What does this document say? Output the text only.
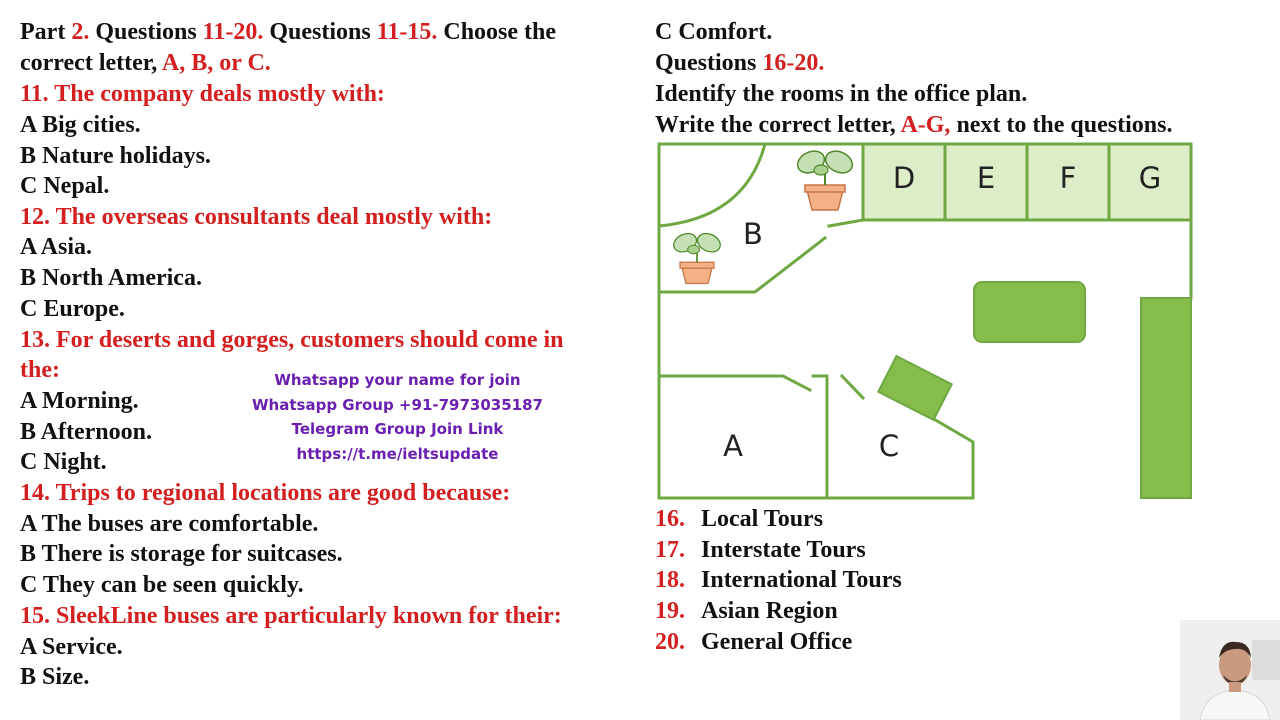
Part 2. Questions 11-20. Questions 11-15. Choose the
correct letter, A, B, or C.
11. The company deals mostly with:
A Big cities.
B Nature holidays.
C Nepal.
12. The overseas consultants deal mostly with:
A Asia.
B North America.
C Europe.
13. For deserts and gorges, customers should come in
the:
A Morning.
B Afternoon.
C Night.
14. Trips to regional locations are good because:
A The buses are comfortable.
B There is storage for suitcases.
C They can be seen quickly.
15. SleekLine buses are particularly known for their:
A Service.
B Size.
Whatsapp your name for join
Whatsapp Group +91-7973035187
Telegram Group Join Link
https://t.me/ieltsupdate
C Comfort.
Questions 16-20.
Identify the rooms in the office plan.
Write the correct letter, A-G, next to the questions.
D E F G
B
A	C
16. Local Tours
17. Interstate Tours
18. International Tours
19. Asian Region
20. General Office
